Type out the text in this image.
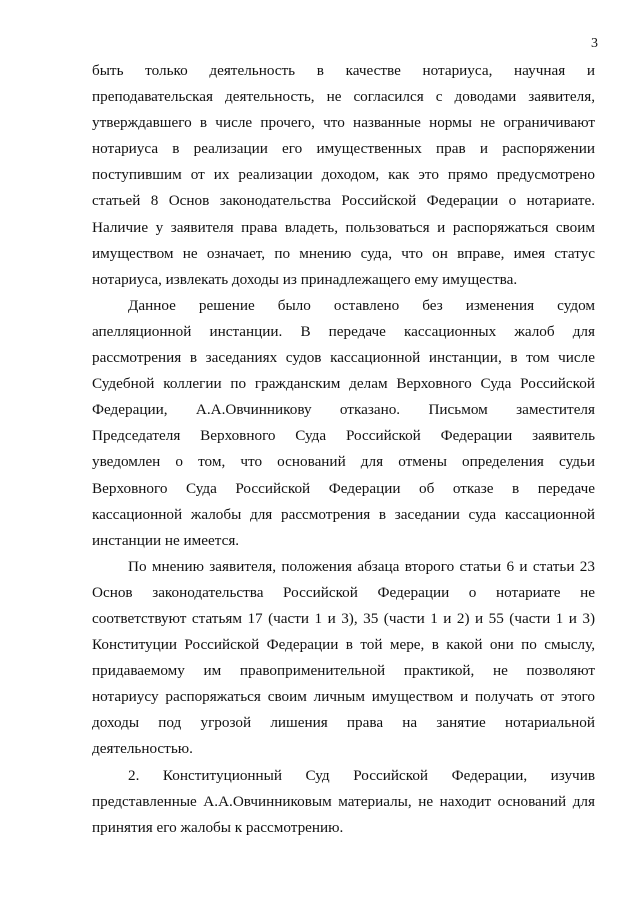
3
быть только деятельность в качестве нотариуса, научная и
преподавательская деятельность, не согласился с доводами заявителя,
утверждавшего в числе прочего, что названные нормы не ограничивают
нотариуса в реализации его имущественных прав и распоряжении
поступившим от их реализации доходом, как это прямо предусмотрено
статьей 8 Основ законодательства Российской Федерации о нотариате.
Наличие у заявителя права владеть, пользоваться и распоряжаться своим
имуществом не означает, по мнению суда, что он вправе, имея статус
нотариуса, извлекать доходы из принадлежащего ему имущества.
Данное решение было оставлено без изменения судом
апелляционной инстанции. В передаче кассационных жалоб для
рассмотрения в заседаниях судов кассационной инстанции, в том числе
Судебной коллегии по гражданским делам Верховного Суда Российской
Федерации, А.А.Овчинникову отказано. Письмом заместителя
Председателя Верховного Суда Российской Федерации заявитель
уведомлен о том, что оснований для отмены определения судьи
Верховного Суда Российской Федерации об отказе в передаче
кассационной жалобы для рассмотрения в заседании суда кассационной
инстанции не имеется.
По мнению заявителя, положения абзаца второго статьи 6 и статьи 23
Основ законодательства Российской Федерации о нотариате не
соответствуют статьям 17 (части 1 и 3), 35 (части 1 и 2) и 55 (части 1 и 3)
Конституции Российской Федерации в той мере, в какой они по смыслу,
придаваемому им правоприменительной практикой, не позволяют
нотариусу распоряжаться своим личным имуществом и получать от этого
доходы под угрозой лишения права на занятие нотариальной
деятельностью.
2. Конституционный Суд Российской Федерации, изучив
представленные А.А.Овчинниковым материалы, не находит оснований для
принятия его жалобы к рассмотрению.
